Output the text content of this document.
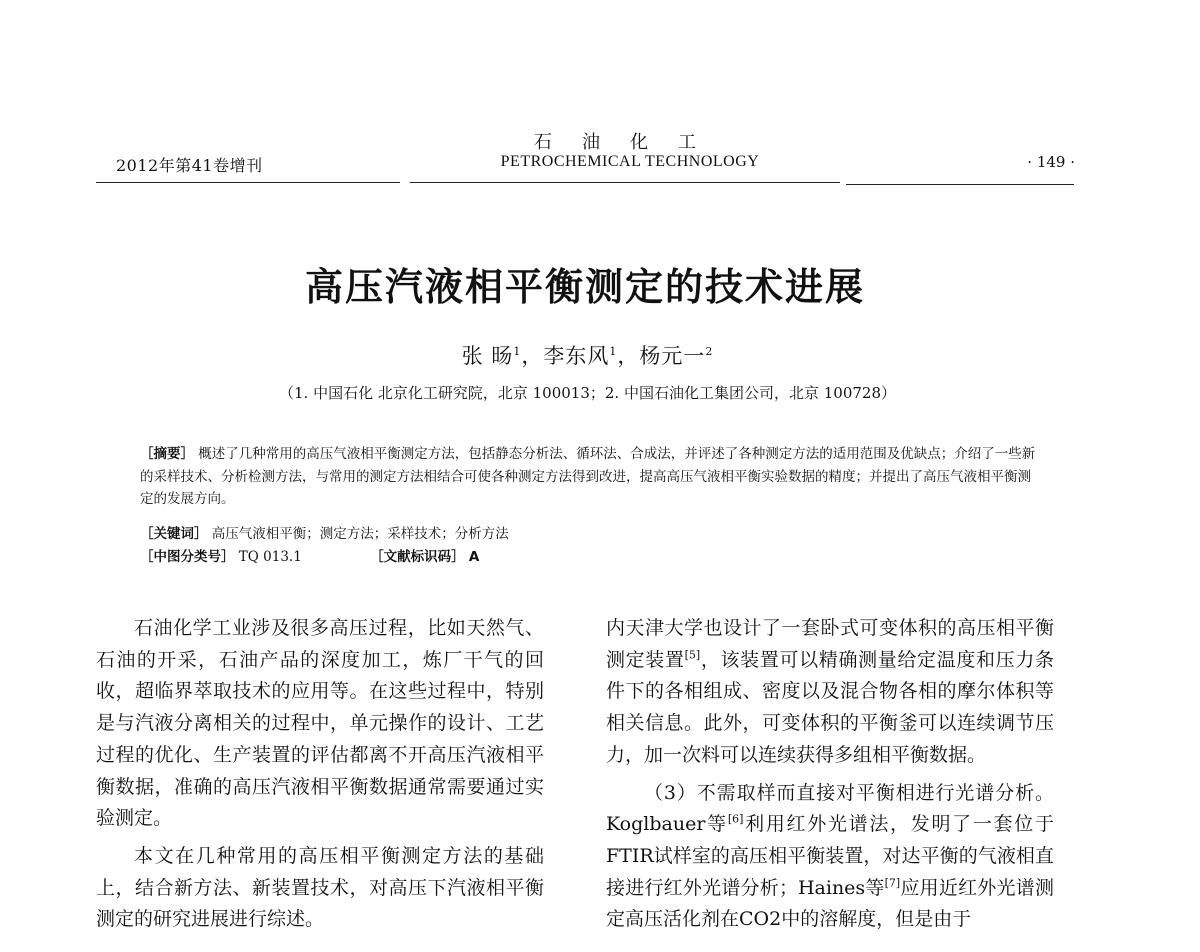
2012年第41卷增刊
石油化工
PETROCHEMICAL TECHNOLOGY	· 149 ·
高压汽液相平衡测定的技术进展
张 旸$^1$，李东风$^1$，杨元一$^2$
（1. 中国石化 北京化工研究院，北京 100013；2. 中国石油化工集团公司，北京 100728）
［摘要］ 概述了几种常用的高压气液相平衡测定方法，包括静态分析法、循环法、合成法，并评述了各种测定方法的适用范围及优缺点；介绍了一些新的采样技术、分析检测方法，与常用的测定方法相结合可使各种测定方法得到改进，提高高压气液相平衡实验数据的精度；并提出了高压气液相平衡测定的发展方向。
［关键词］ 高压气液相平衡；测定方法；采样技术；分析方法
［中图分类号］ TQ 013.1	［文献标识码］ A

石油化学工业涉及很多高压过程，比如天然气、石油的开采，石油产品的深度加工，炼厂干气的回收，超临界萃取技术的应用等。在这些过程中，特别是与汽液分离相关的过程中，单元操作的设计、工艺过程的优化、生产装置的评估都离不开高压汽液相平衡数据，准确的高压汽液相平衡数据通常需要通过实验测定。

本文在几种常用的高压相平衡测定方法的基础上，结合新方法、新装置技术，对高压下汽液相平衡测定的研究进展进行综述。

内天津大学也设计了一套卧式可变体积的高压相平衡测定装置[5]，该装置可以精确测量给定温度和压力条件下的各相组成、密度以及混合物各相的摩尔体积等相关信息。此外，可变体积的平衡釜可以连续调节压力，加一次料可以连续获得多组相平衡数据。

（3）不需取样而直接对平衡相进行光谱分析。Koglbauer等[6]利用红外光谱法，发明了一套位于FTIR试样室的高压相平衡装置，对达平衡的气液相直接进行红外光谱分析；Haines等[7]应用近红外光谱测定高压活化剂在CO2中的溶解度，但是由于
